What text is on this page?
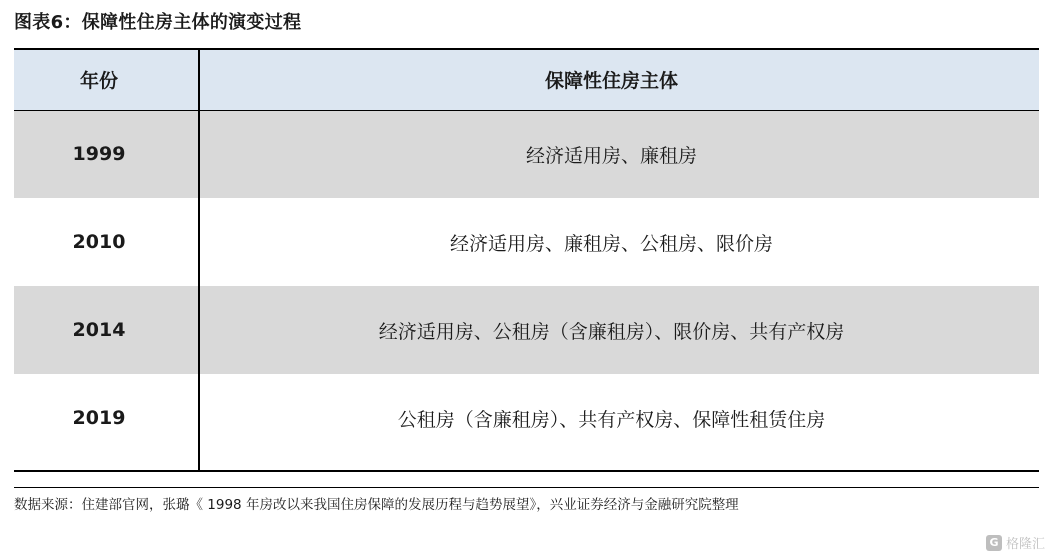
图表6：保障性住房主体的演变过程
年份	保障性住房主体
1999	经济适用房、廉租房
2010	经济适用房、廉租房、公租房、限价房
2014	经济适用房、公租房（含廉租房）、限价房、共有产权房
2019	公租房（含廉租房）、共有产权房、保障性租赁住房
数据来源：住建部官网，张璐《 1998 年房改以来我国住房保障的发展历程与趋势展望》，兴业证券经济与金融研究院整理
G 格隆汇
